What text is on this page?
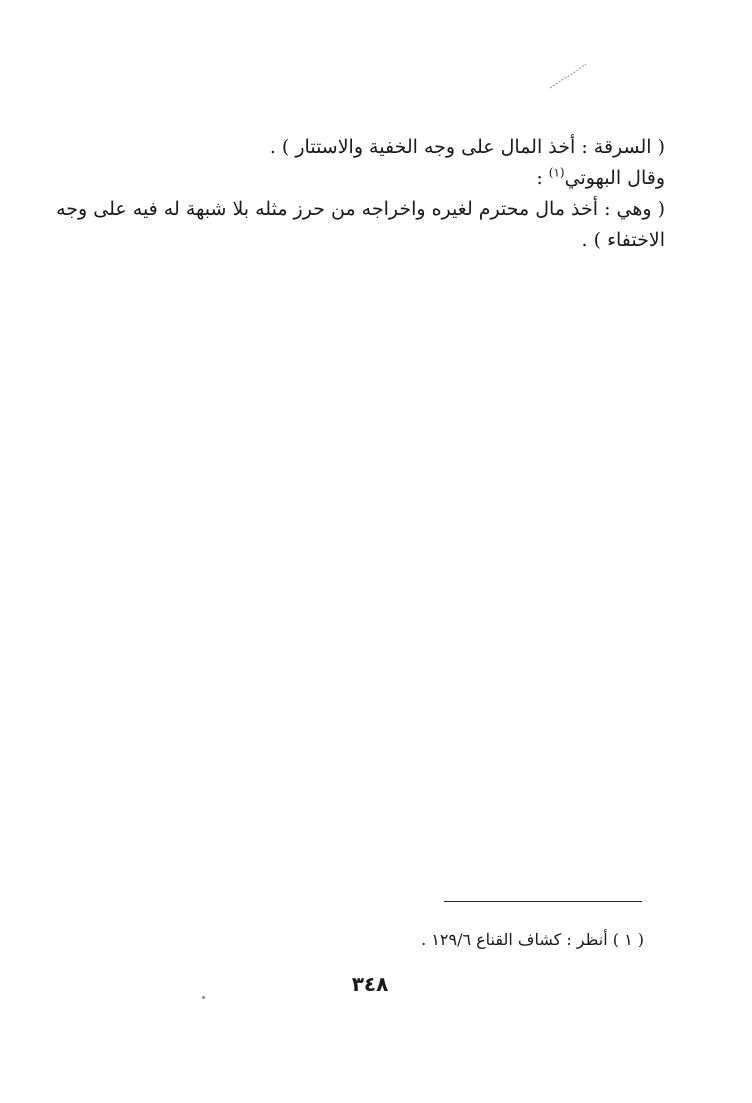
( السرقة : أخذ المال على وجه الخفية والاستتار ) .
وقال البهوتي$^{(١)}$ :
( وهي : أخذ مال محترم لغيره واخراجه من حرز مثله بلا شبهة له فيه على وجه
الاختفاء ) .
( ١ ) أنظر : كشاف القناع ١٢٩/٦ .
٣٤٨
